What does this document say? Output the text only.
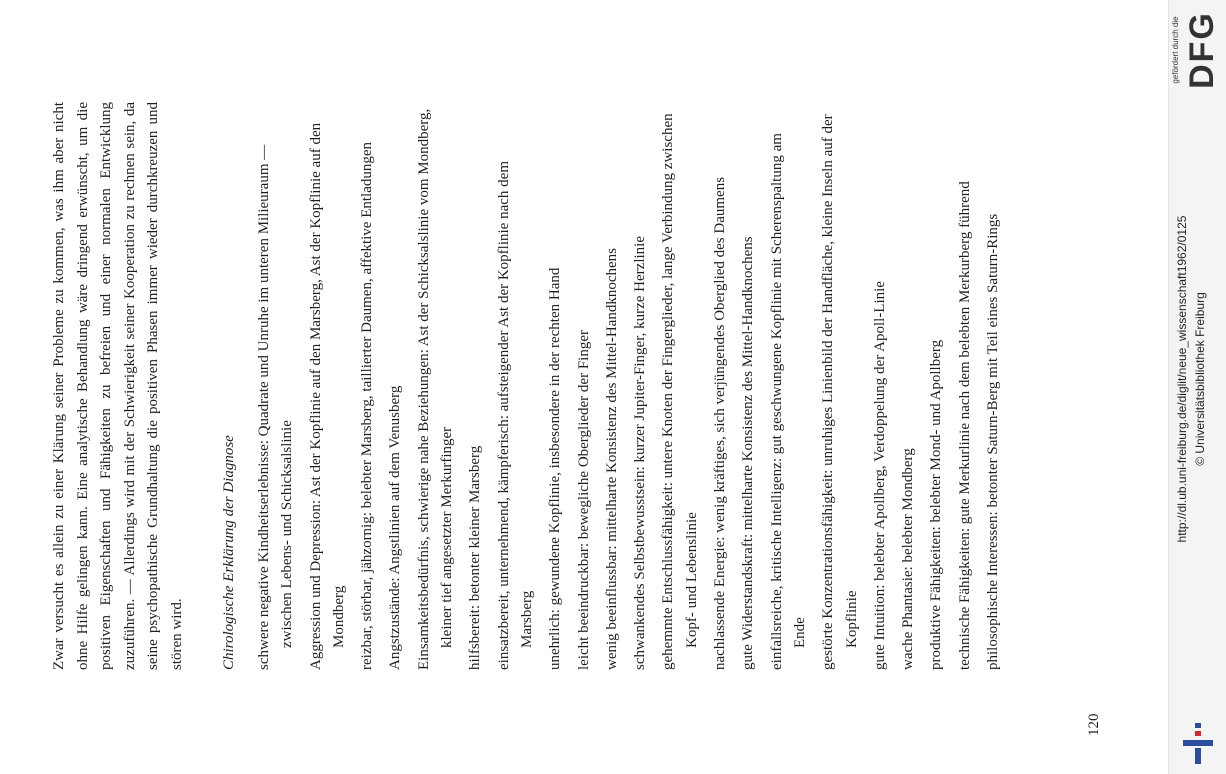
Zwar versucht es allein zu einer Klärung seiner Probleme zu kommen, was ihm aber nicht ohne Hilfe gelingen kann. Eine analytische Behandlung wäre dringend erwünscht, um die positiven Eigenschaften und Fähigkeiten zu befreien und einer normalen Entwicklung zuzuführen. — Allerdings wird mit der Schwierigkeit seiner Kooperation zu rechnen sein, da seine psychopathische Grundhaltung die positiven Phasen immer wieder durchkreuzen und stören wird.	Chirologische Erklärung der Diagnose schwere negative Kindheitserlebnisse: Quadrate und Unruhe im unteren Milieuraum — zwischen Lebens- und Schicksalslinie Aggression und Depression: Ast der Kopflinie auf den Marsberg, Ast der Kopflinie auf den Mondberg reizbar, störbar, jähzornig: belebter Marsberg, taillierter Daumen, affektive Entladungen Angstzustände: Angstlinien auf dem Venusberg Einsamkeitsbedürfnis, schwierige nahe Beziehungen: Ast der Schicksalslinie vom Mondberg, kleiner tief angesetzter Merkurfinger hilfsbereit: betonter kleiner Marsberg einsatzbereit, unternehmend, kämpferisch: aufsteigender Ast der Kopflinie nach dem Marsberg unehrlich: gewundene Kopflinie, insbesondere in der rechten Hand leicht beeindruckbar: bewegliche Oberglieder der Finger wenig beeinflussbar: mittelharte Konsistenz des Mittel-Handknochens schwankendes Selbstbewusstsein: kurzer Jupiter-Finger, kurze Herzlinie gehemmte Entschlussfähigkeit: untere Knoten der Fingerglieder, lange Verbindung zwischen Kopf- und Lebenslinie nachlassende Energie: wenig kräftiges, sich verjüngendes Oberglied des Daumens gute Widerstandskraft: mittelharte Konsistenz des Mittel-Handknochens einfallsreiche, kritische Intelligenz: gut geschwungene Kopflinie mit Scherenspaltung am Ende gestörte Konzentrationsfähigkeit: unruhiges Linienbild der Handfläche, kleine Inseln auf der Kopflinie gute Intuition: belebter Apollberg, Verdoppelung der Apoll-Linie wache Phantasie: belebter Mondberg produktive Fähigkeiten: belebter Mond- und Apollberg technische Fähigkeiten: gute Merkurlinie nach dem belebten Merkurberg führend philosophische Interessen: betonter Saturn-Berg mit Teil eines Saturn-Rings
120
http://dl.ub.uni-freiburg.de/diglit/neue_wissenschaft1962/0125 © Universitätsbibliothek Freiburg
gefördert durch die DFG
